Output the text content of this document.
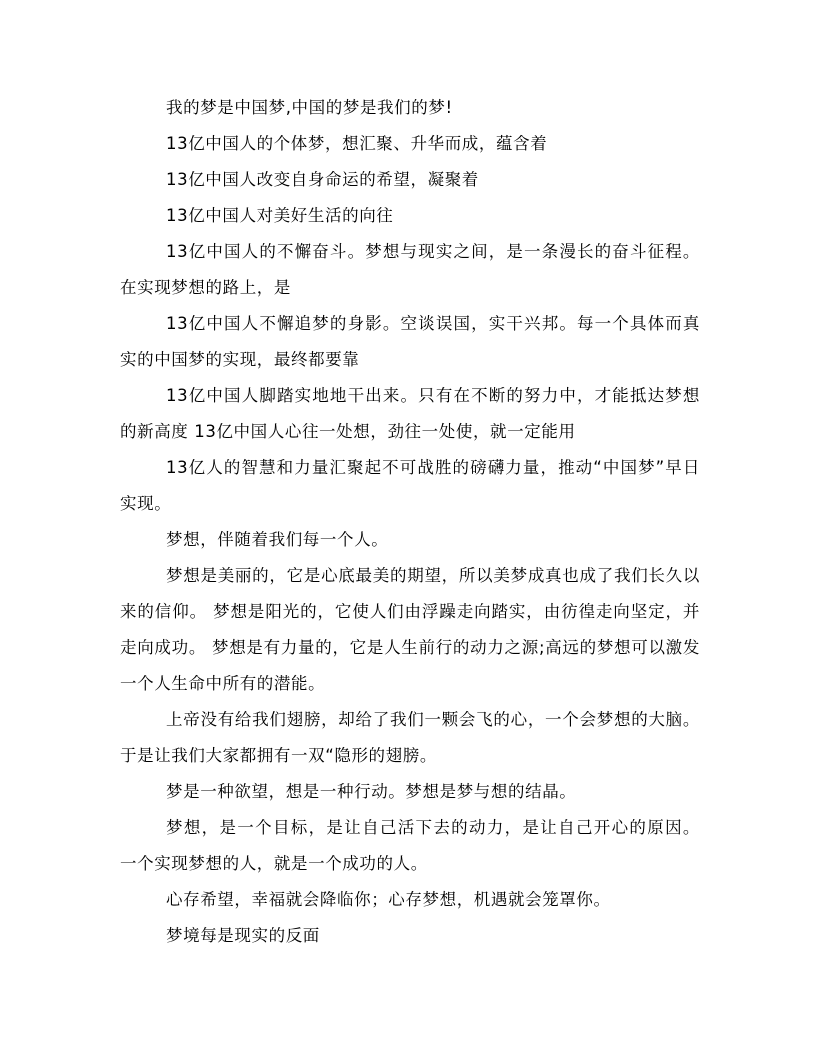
我的梦是中国梦,中国的梦是我们的梦!

13亿中国人的个体梦，想汇聚、升华而成，蕴含着

13亿中国人改变自身命运的希望，凝聚着

13亿中国人对美好生活的向往

13亿中国人的不懈奋斗。梦想与现实之间，是一条漫长的奋斗征程。在实现梦想的路上，是

13亿中国人不懈追梦的身影。空谈误国，实干兴邦。每一个具体而真实的中国梦的实现，最终都要靠

13亿中国人脚踏实地地干出来。只有在不断的努力中，才能抵达梦想的新高度 13亿中国人心往一处想，劲往一处使，就一定能用

13亿人的智慧和力量汇聚起不可战胜的磅礴力量，推动“中国梦”早日实现。

梦想，伴随着我们每一个人。

梦想是美丽的，它是心底最美的期望，所以美梦成真也成了我们长久以来的信仰。 梦想是阳光的，它使人们由浮躁走向踏实，由彷徨走向坚定，并走向成功。 梦想是有力量的，它是人生前行的动力之源;高远的梦想可以激发一个人生命中所有的潜能。

上帝没有给我们翅膀，却给了我们一颗会飞的心，一个会梦想的大脑。于是让我们大家都拥有一双“隐形的翅膀。

梦是一种欲望，想是一种行动。梦想是梦与想的结晶。

梦想，是一个目标，是让自己活下去的动力，是让自己开心的原因。 一个实现梦想的人，就是一个成功的人。

心存希望，幸福就会降临你；心存梦想，机遇就会笼罩你。

梦境每是现实的反面
